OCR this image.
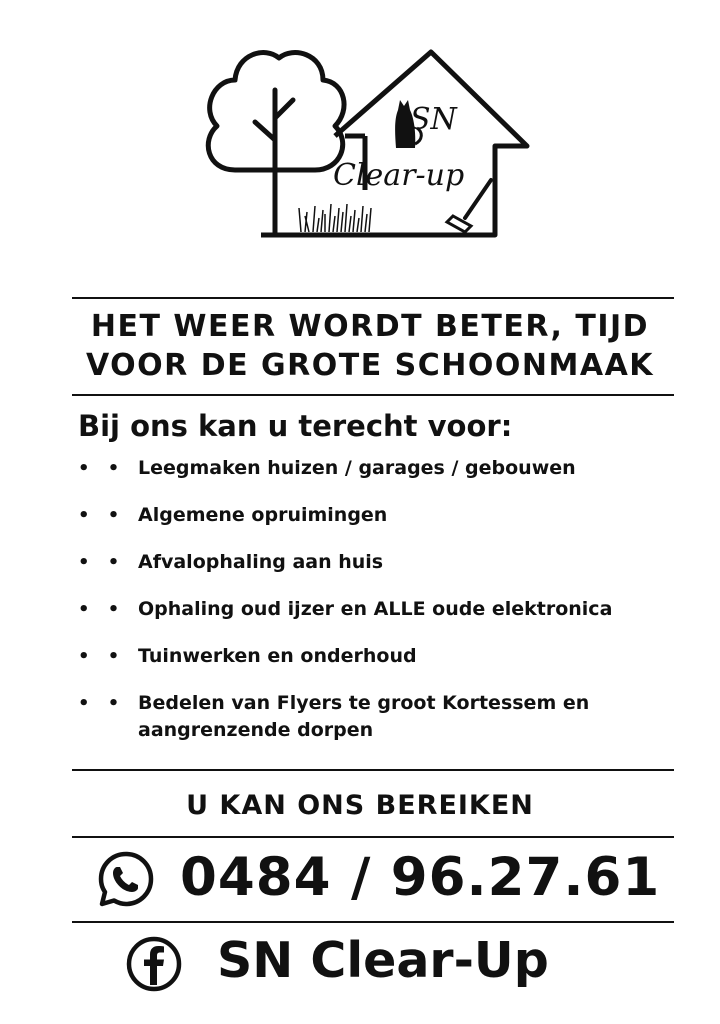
SN
Clear-up
HET WEER WORDT BETER, TIJD
VOOR DE GROTE SCHOONMAAK
Bij ons kan u terecht voor:
• • Leegmaken huizen / garages / gebouwen
• • Algemene opruimingen
• • Afvalophaling aan huis
• • Ophaling oud ijzer en ALLE oude elektronica
• • Tuinwerken en onderhoud
• • Bedelen van Flyers te groot Kortessem en aangrenzende dorpen
U KAN ONS BEREIKEN
0484 / 96.27.61
SN Clear-Up
